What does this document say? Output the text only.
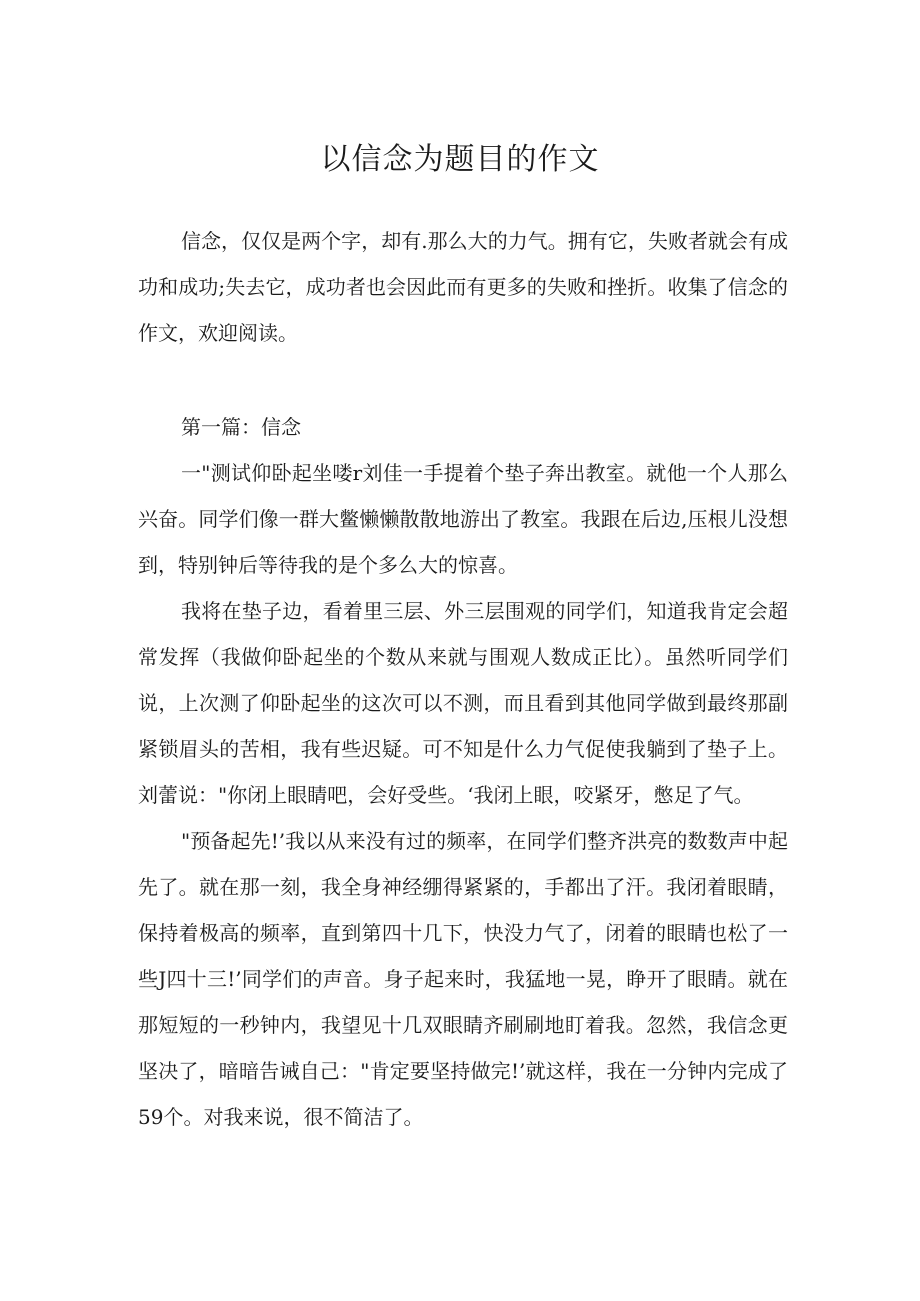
以信念为题目的作文

信念，仅仅是两个字，却有.那么大的力气。拥有它，失败者就会有成功和成功;失去它，成功者也会因此而有更多的失败和挫折。收集了信念的作文，欢迎阅读。

第一篇：信念

一"测试仰卧起坐喽r刘佳一手提着个垫子奔出教室。就他一个人那么兴奋。同学们像一群大鳖懒懒散散地游出了教室。我跟在后边,压根儿没想到，特别钟后等待我的是个多么大的惊喜。

我将在垫子边，看着里三层、外三层围观的同学们，知道我肯定会超常发挥（我做仰卧起坐的个数从来就与围观人数成正比）。虽然听同学们说，上次测了仰卧起坐的这次可以不测，而且看到其他同学做到最终那副紧锁眉头的苦相，我有些迟疑。可不知是什么力气促使我躺到了垫子上。刘蕾说："你闭上眼睛吧，会好受些。‘我闭上眼，咬紧牙，憋足了气。

"预备起先!’我以从来没有过的频率，在同学们整齐洪亮的数数声中起先了。就在那一刻，我全身神经绷得紧紧的，手都出了汗。我闭着眼睛，保持着极高的频率，直到第四十几下，快没力气了，闭着的眼睛也松了一些J四十三!’同学们的声音。身子起来时，我猛地一晃，睁开了眼睛。就在那短短的一秒钟内，我望见十几双眼睛齐刷刷地盯着我。忽然，我信念更坚决了，暗暗告诫自己："肯定要坚持做完!’就这样，我在一分钟内完成了59个。对我来说，很不简洁了。
